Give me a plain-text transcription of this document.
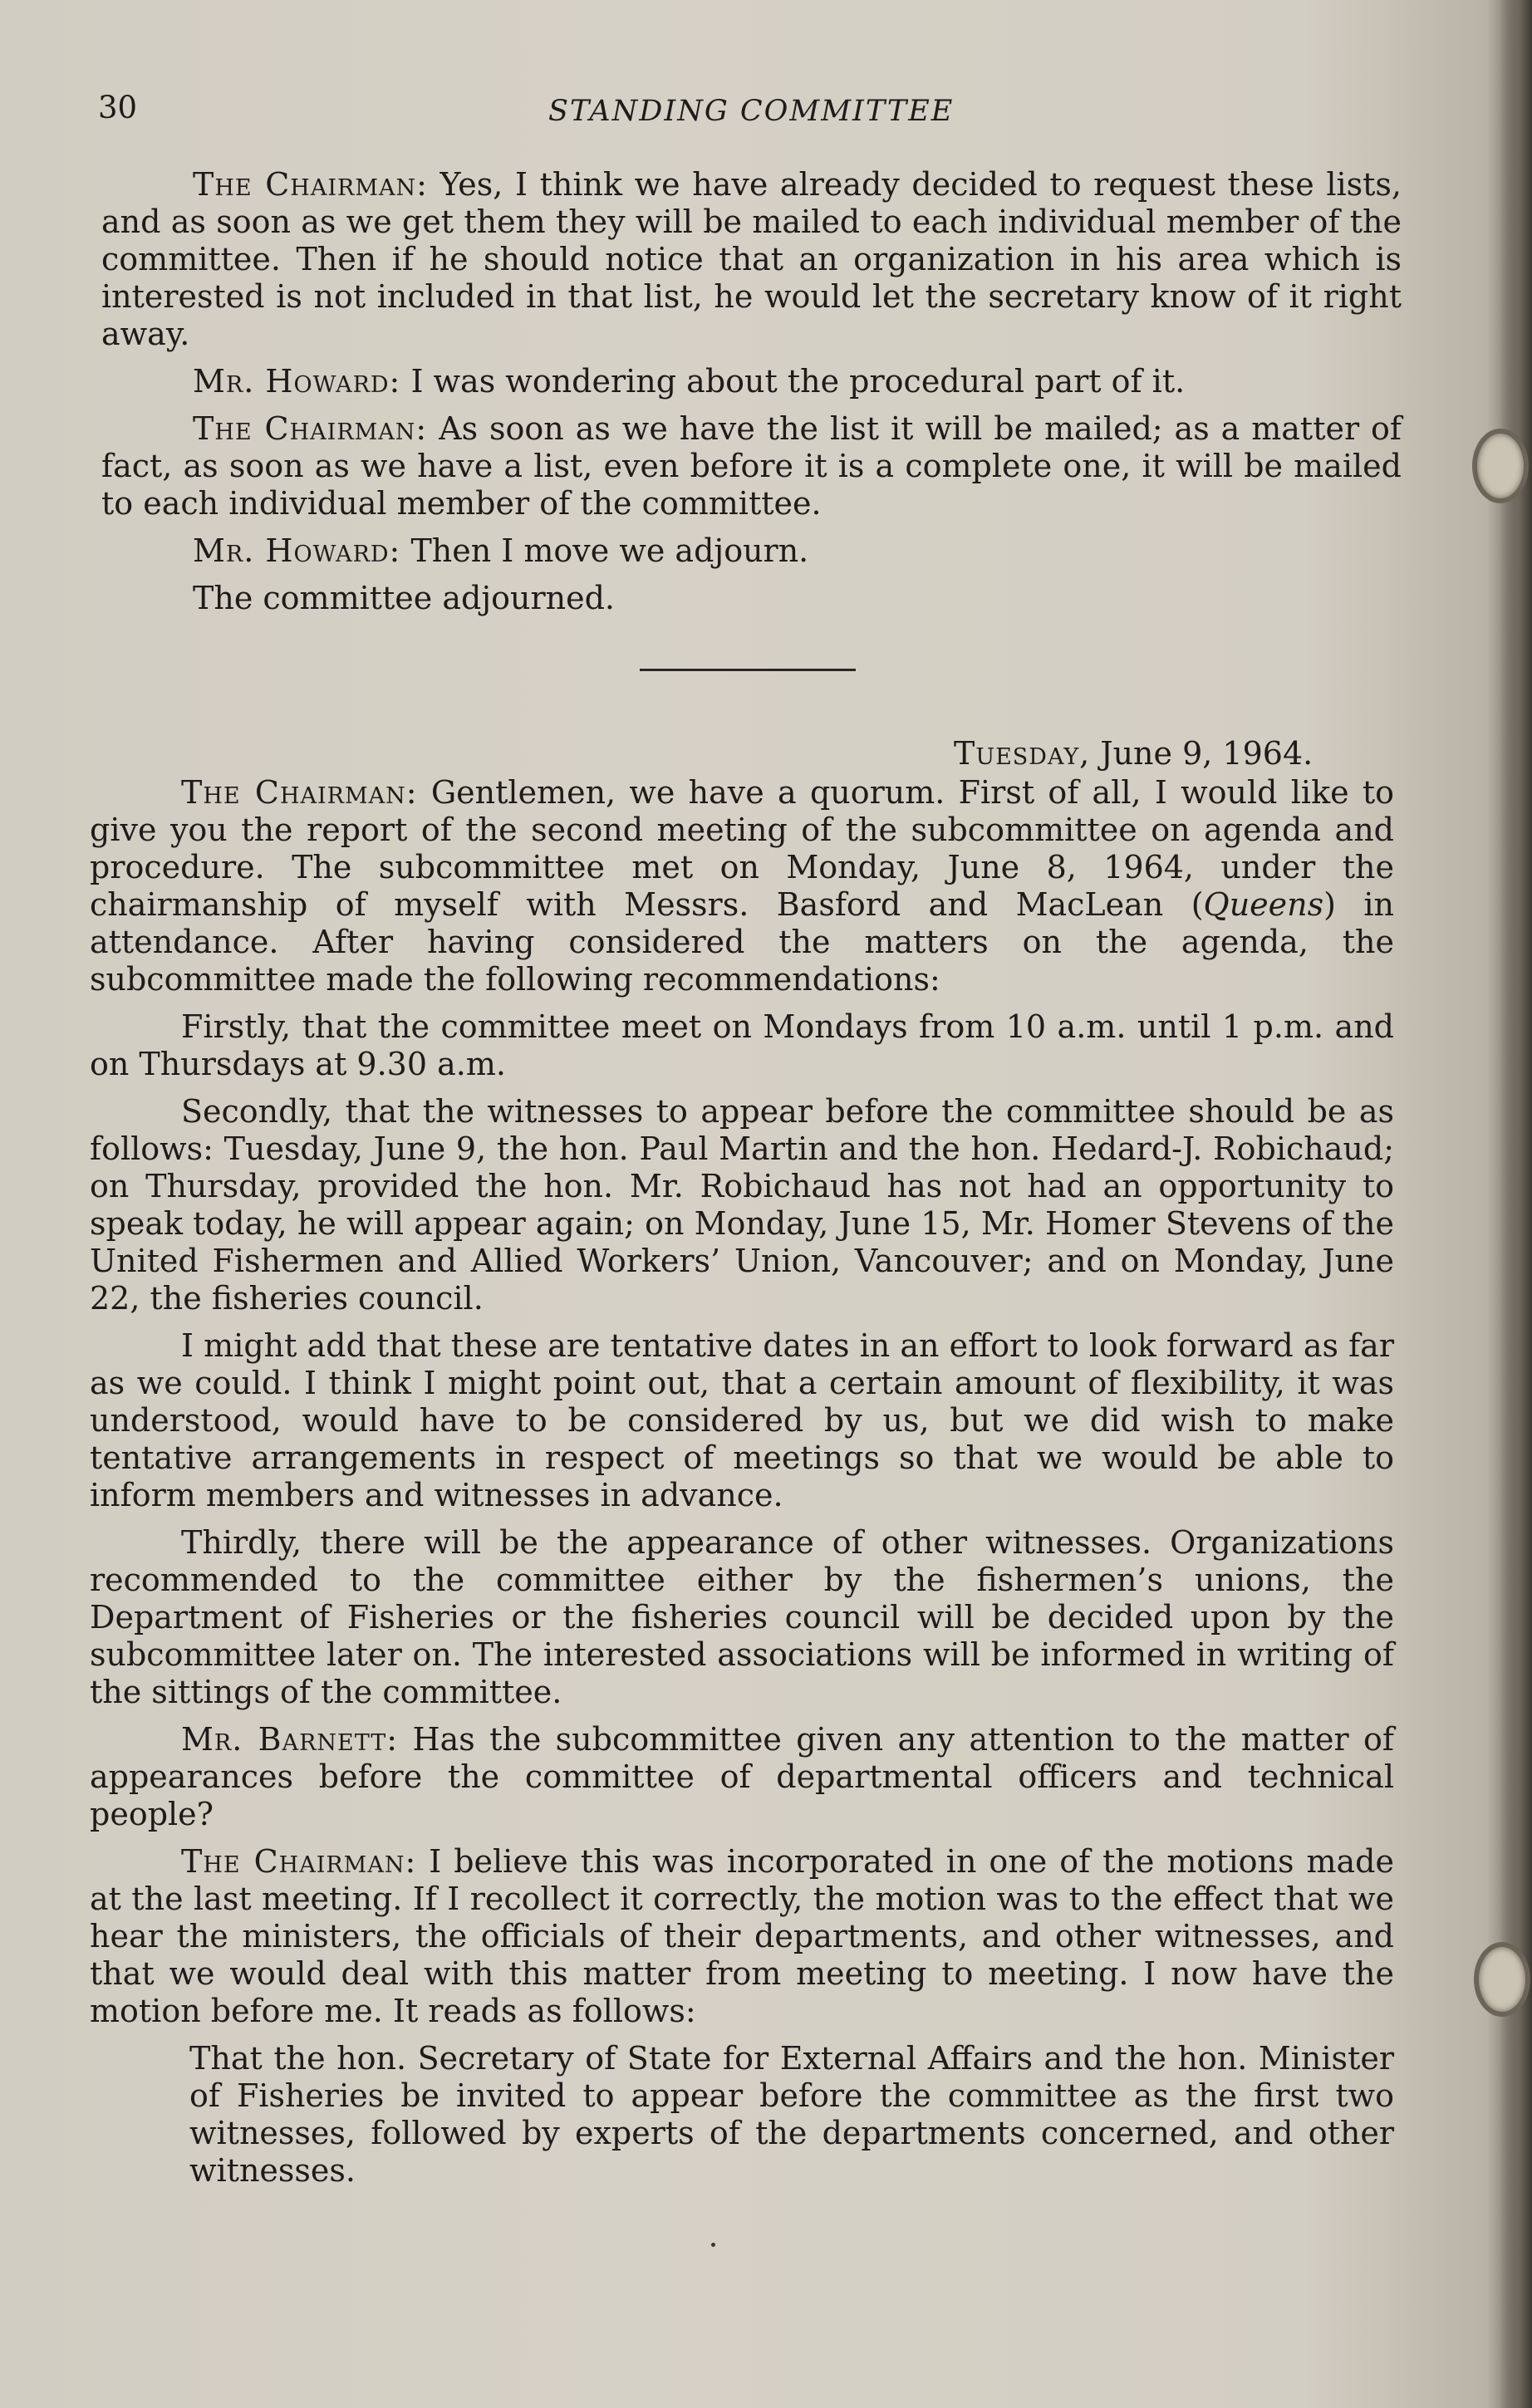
30	STANDING COMMITTEE

The Chairman: Yes, I think we have already decided to request these lists, and as soon as we get them they will be mailed to each individual member of the committee. Then if he should notice that an organization in his area which is interested is not included in that list, he would let the secretary know of it right away.

Mr. Howard: I was wondering about the procedural part of it.

The Chairman: As soon as we have the list it will be mailed; as a matter of fact, as soon as we have a list, even before it is a complete one, it will be mailed to each individual member of the committee.

Mr. Howard: Then I move we adjourn.

The committee adjourned.

Tuesday, June 9, 1964.

The Chairman: Gentlemen, we have a quorum. First of all, I would like to give you the report of the second meeting of the subcommittee on agenda and procedure. The subcommittee met on Monday, June 8, 1964, under the chairmanship of myself with Messrs. Basford and MacLean (Queens) in attendance. After having considered the matters on the agenda, the subcommittee made the following recommendations:

Firstly, that the committee meet on Mondays from 10 a.m. until 1 p.m. and on Thursdays at 9.30 a.m.

Secondly, that the witnesses to appear before the committee should be as follows: Tuesday, June 9, the hon. Paul Martin and the hon. Hedard-J. Robichaud; on Thursday, provided the hon. Mr. Robichaud has not had an opportunity to speak today, he will appear again; on Monday, June 15, Mr. Homer Stevens of the United Fishermen and Allied Workers’ Union, Vancouver; and on Monday, June 22, the fisheries council.

I might add that these are tentative dates in an effort to look forward as far as we could. I think I might point out, that a certain amount of flexibility, it was understood, would have to be considered by us, but we did wish to make tentative arrangements in respect of meetings so that we would be able to inform members and witnesses in advance.

Thirdly, there will be the appearance of other witnesses. Organizations recommended to the committee either by the fishermen’s unions, the Department of Fisheries or the fisheries council will be decided upon by the subcommittee later on. The interested associations will be informed in writing of the sittings of the committee.

Mr. Barnett: Has the subcommittee given any attention to the matter of appearances before the committee of departmental officers and technical people?

The Chairman: I believe this was incorporated in one of the motions made at the last meeting. If I recollect it correctly, the motion was to the effect that we hear the ministers, the officials of their departments, and other witnesses, and that we would deal with this matter from meeting to meeting. I now have the motion before me. It reads as follows:

That the hon. Secretary of State for External Affairs and the hon. Minister of Fisheries be invited to appear before the committee as the first two witnesses, followed by experts of the departments concerned, and other witnesses.
